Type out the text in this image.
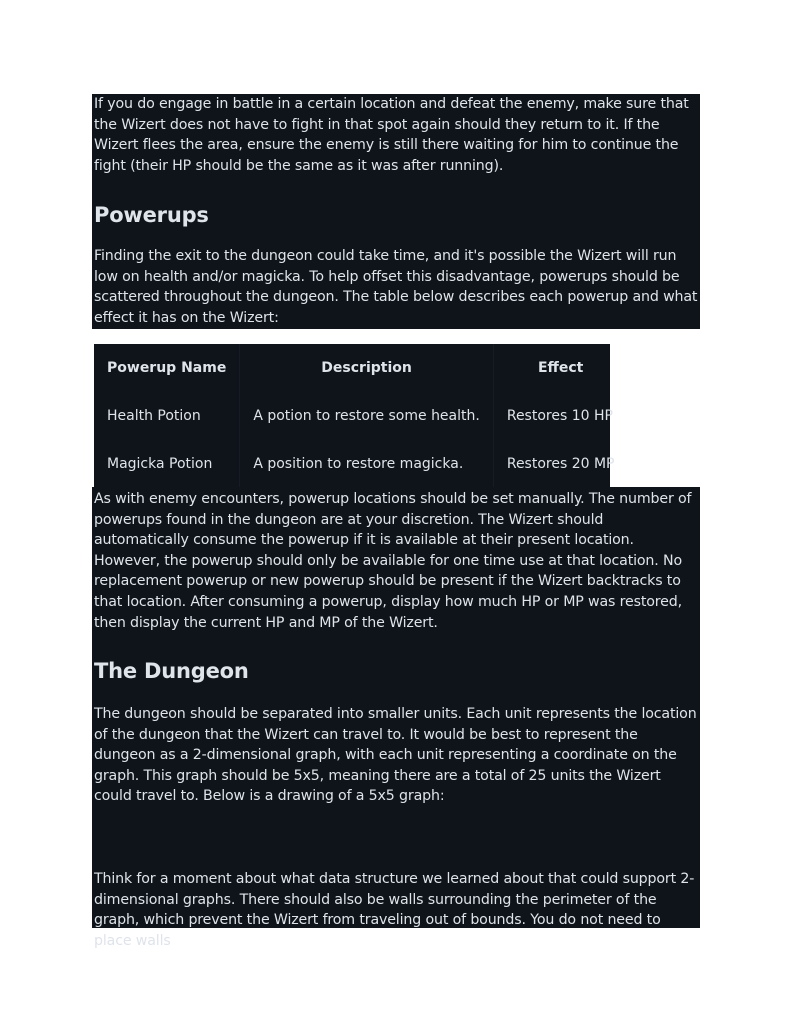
If you do engage in battle in a certain location and defeat the enemy, make sure that the Wizert does not have to fight in that spot again should they return to it. If the Wizert flees the area, ensure the enemy is still there waiting for him to continue the fight (their HP should be the same as it was after running).

Powerups

Finding the exit to the dungeon could take time, and it's possible the Wizert will run low on health and/or magicka. To help offset this disadvantage, powerups should be scattered throughout the dungeon. The table below describes each powerup and what effect it has on the Wizert:

Powerup Name	Description	Effect
Health Potion	A potion to restore some health.	Restores 10 HP
Magicka Potion	A position to restore magicka.	Restores 20 MP

As with enemy encounters, powerup locations should be set manually. The number of powerups found in the dungeon are at your discretion. The Wizert should automatically consume the powerup if it is available at their present location. However, the powerup should only be available for one time use at that location. No replacement powerup or new powerup should be present if the Wizert backtracks to that location. After consuming a powerup, display how much HP or MP was restored, then display the current HP and MP of the Wizert.

The Dungeon

The dungeon should be separated into smaller units. Each unit represents the location of the dungeon that the Wizert can travel to. It would be best to represent the dungeon as a 2-dimensional graph, with each unit representing a coordinate on the graph. This graph should be 5x5, meaning there are a total of 25 units the Wizert could travel to. Below is a drawing of a 5x5 graph:

Think for a moment about what data structure we learned about that could support 2-dimensional graphs. There should also be walls surrounding the perimeter of the graph, which prevent the Wizert from traveling out of bounds. You do not need to place walls
